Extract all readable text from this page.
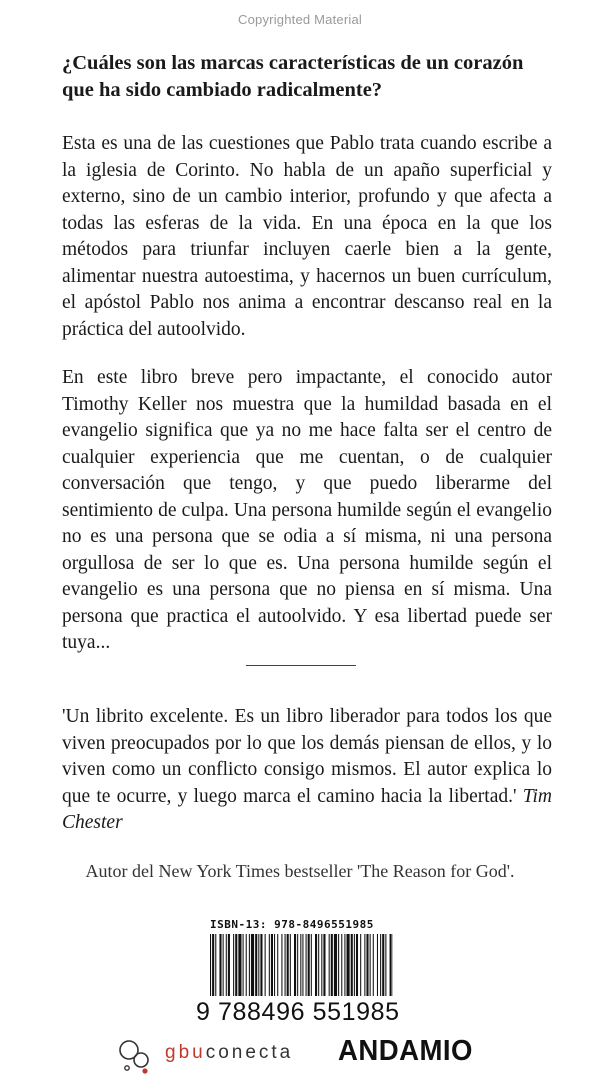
Copyrighted Material
¿Cuáles son las marcas características de un corazón que ha sido cambiado radicalmente?
Esta es una de las cuestiones que Pablo trata cuando escribe a la iglesia de Corinto. No habla de un apaño superficial y externo, sino de un cambio interior, profundo y que afecta a todas las esferas de la vida. En una época en la que los métodos para triunfar incluyen caerle bien a la gente, alimentar nuestra autoestima, y hacernos un buen currículum, el apóstol Pablo nos anima a encontrar descanso real en la práctica del autoolvido.
En este libro breve pero impactante, el conocido autor Timothy Keller nos muestra que la humildad basada en el evangelio significa que ya no me hace falta ser el centro de cualquier experiencia que me cuentan, o de cualquier conversación que tengo, y que puedo liberarme del sentimiento de culpa. Una persona humilde según el evangelio no es una persona que se odia a sí misma, ni una persona orgullosa de ser lo que es. Una persona humilde según el evangelio es una persona que no piensa en sí misma. Una persona que practica el autoolvido. Y esa libertad puede ser tuya...
'Un librito excelente. Es un libro liberador para todos los que viven preocupados por lo que los demás piensan de ellos, y lo viven como un conflicto consigo mismos. El autor explica lo que te ocurre, y luego marca el camino hacia la libertad.' Tim Chester
Autor del New York Times bestseller 'The Reason for God'.
ISBN-13: 978-8496551985
9 788496 551985
gbuconecta ANDAMIO
